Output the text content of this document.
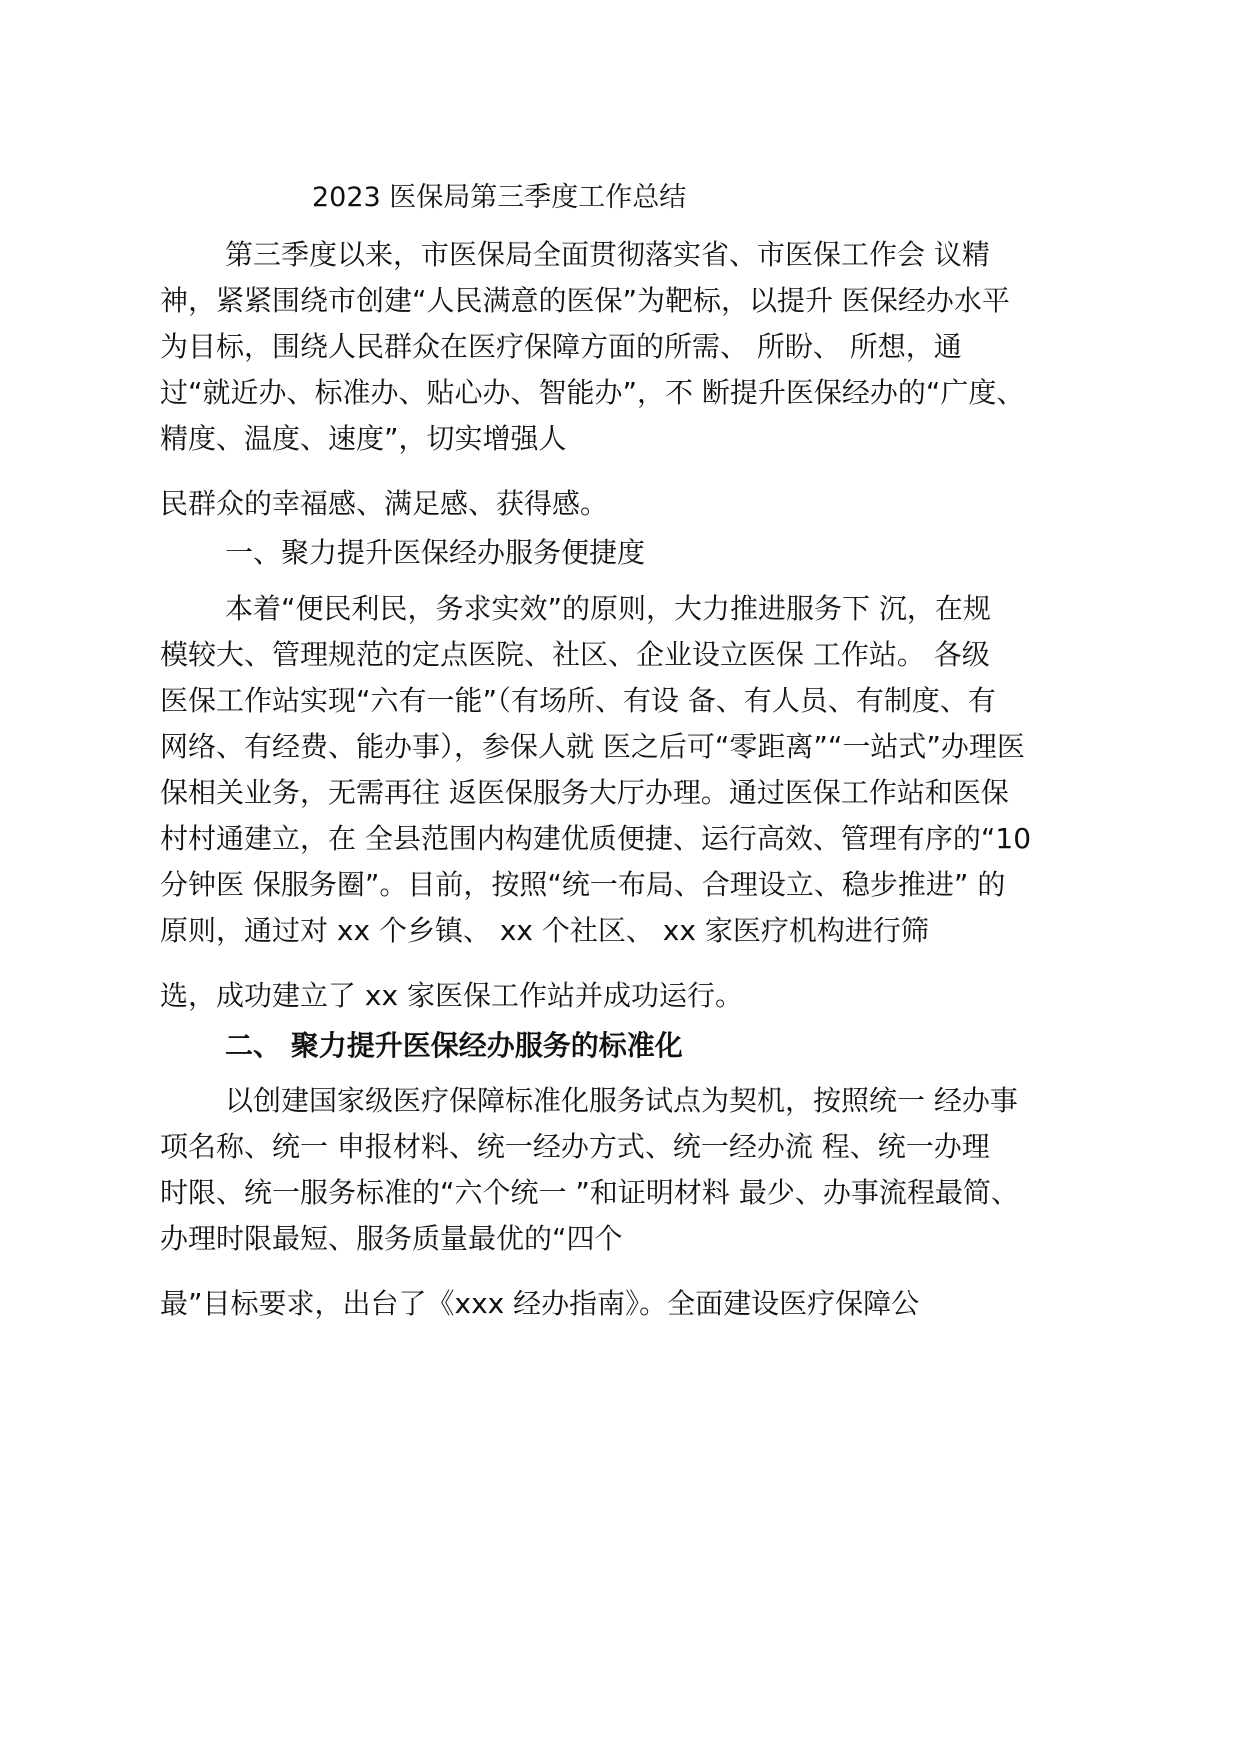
2023 医保局第三季度工作总结
第三季度以来，市医保局全面贯彻落实省、市医保工作会 议精
神，紧紧围绕市创建“人民满意的医保”为靶标，以提升 医保经办水平
为目标，围绕人民群众在医疗保障方面的所需、 所盼、 所想，通
过“就近办、标准办、贴心办、智能办”，不 断提升医保经办的“广度、
精度、温度、速度”，切实增强人
民群众的幸福感、满足感、获得感。
一、聚力提升医保经办服务便捷度
本着“便民利民，务求实效”的原则，大力推进服务下 沉，在规
模较大、管理规范的定点医院、社区、企业设立医保 工作站。 各级
医保工作站实现“六有一能”（有场所、有设 备、有人员、有制度、有
网络、有经费、能办事），参保人就 医之后可“零距离”“一站式”办理医
保相关业务，无需再往 返医保服务大厅办理。通过医保工作站和医保
村村通建立，在 全县范围内构建优质便捷、运行高效、管理有序的“10
分钟医 保服务圈”。目前，按照“统一布局、合理设立、稳步推进” 的
原则，通过对 xx 个乡镇、 xx 个社区、 xx 家医疗机构进行筛
选，成功建立了 xx 家医保工作站并成功运行。
二、 聚力提升医保经办服务的标准化
以创建国家级医疗保障标准化服务试点为契机，按照统一 经办事
项名称、统一 申报材料、统一经办方式、统一经办流 程、统一办理
时限、统一服务标准的“六个统一 ”和证明材料 最少、办事流程最简、
办理时限最短、服务质量最优的“四个
最”目标要求，出台了《xxx 经办指南》。全面建设医疗保障公
